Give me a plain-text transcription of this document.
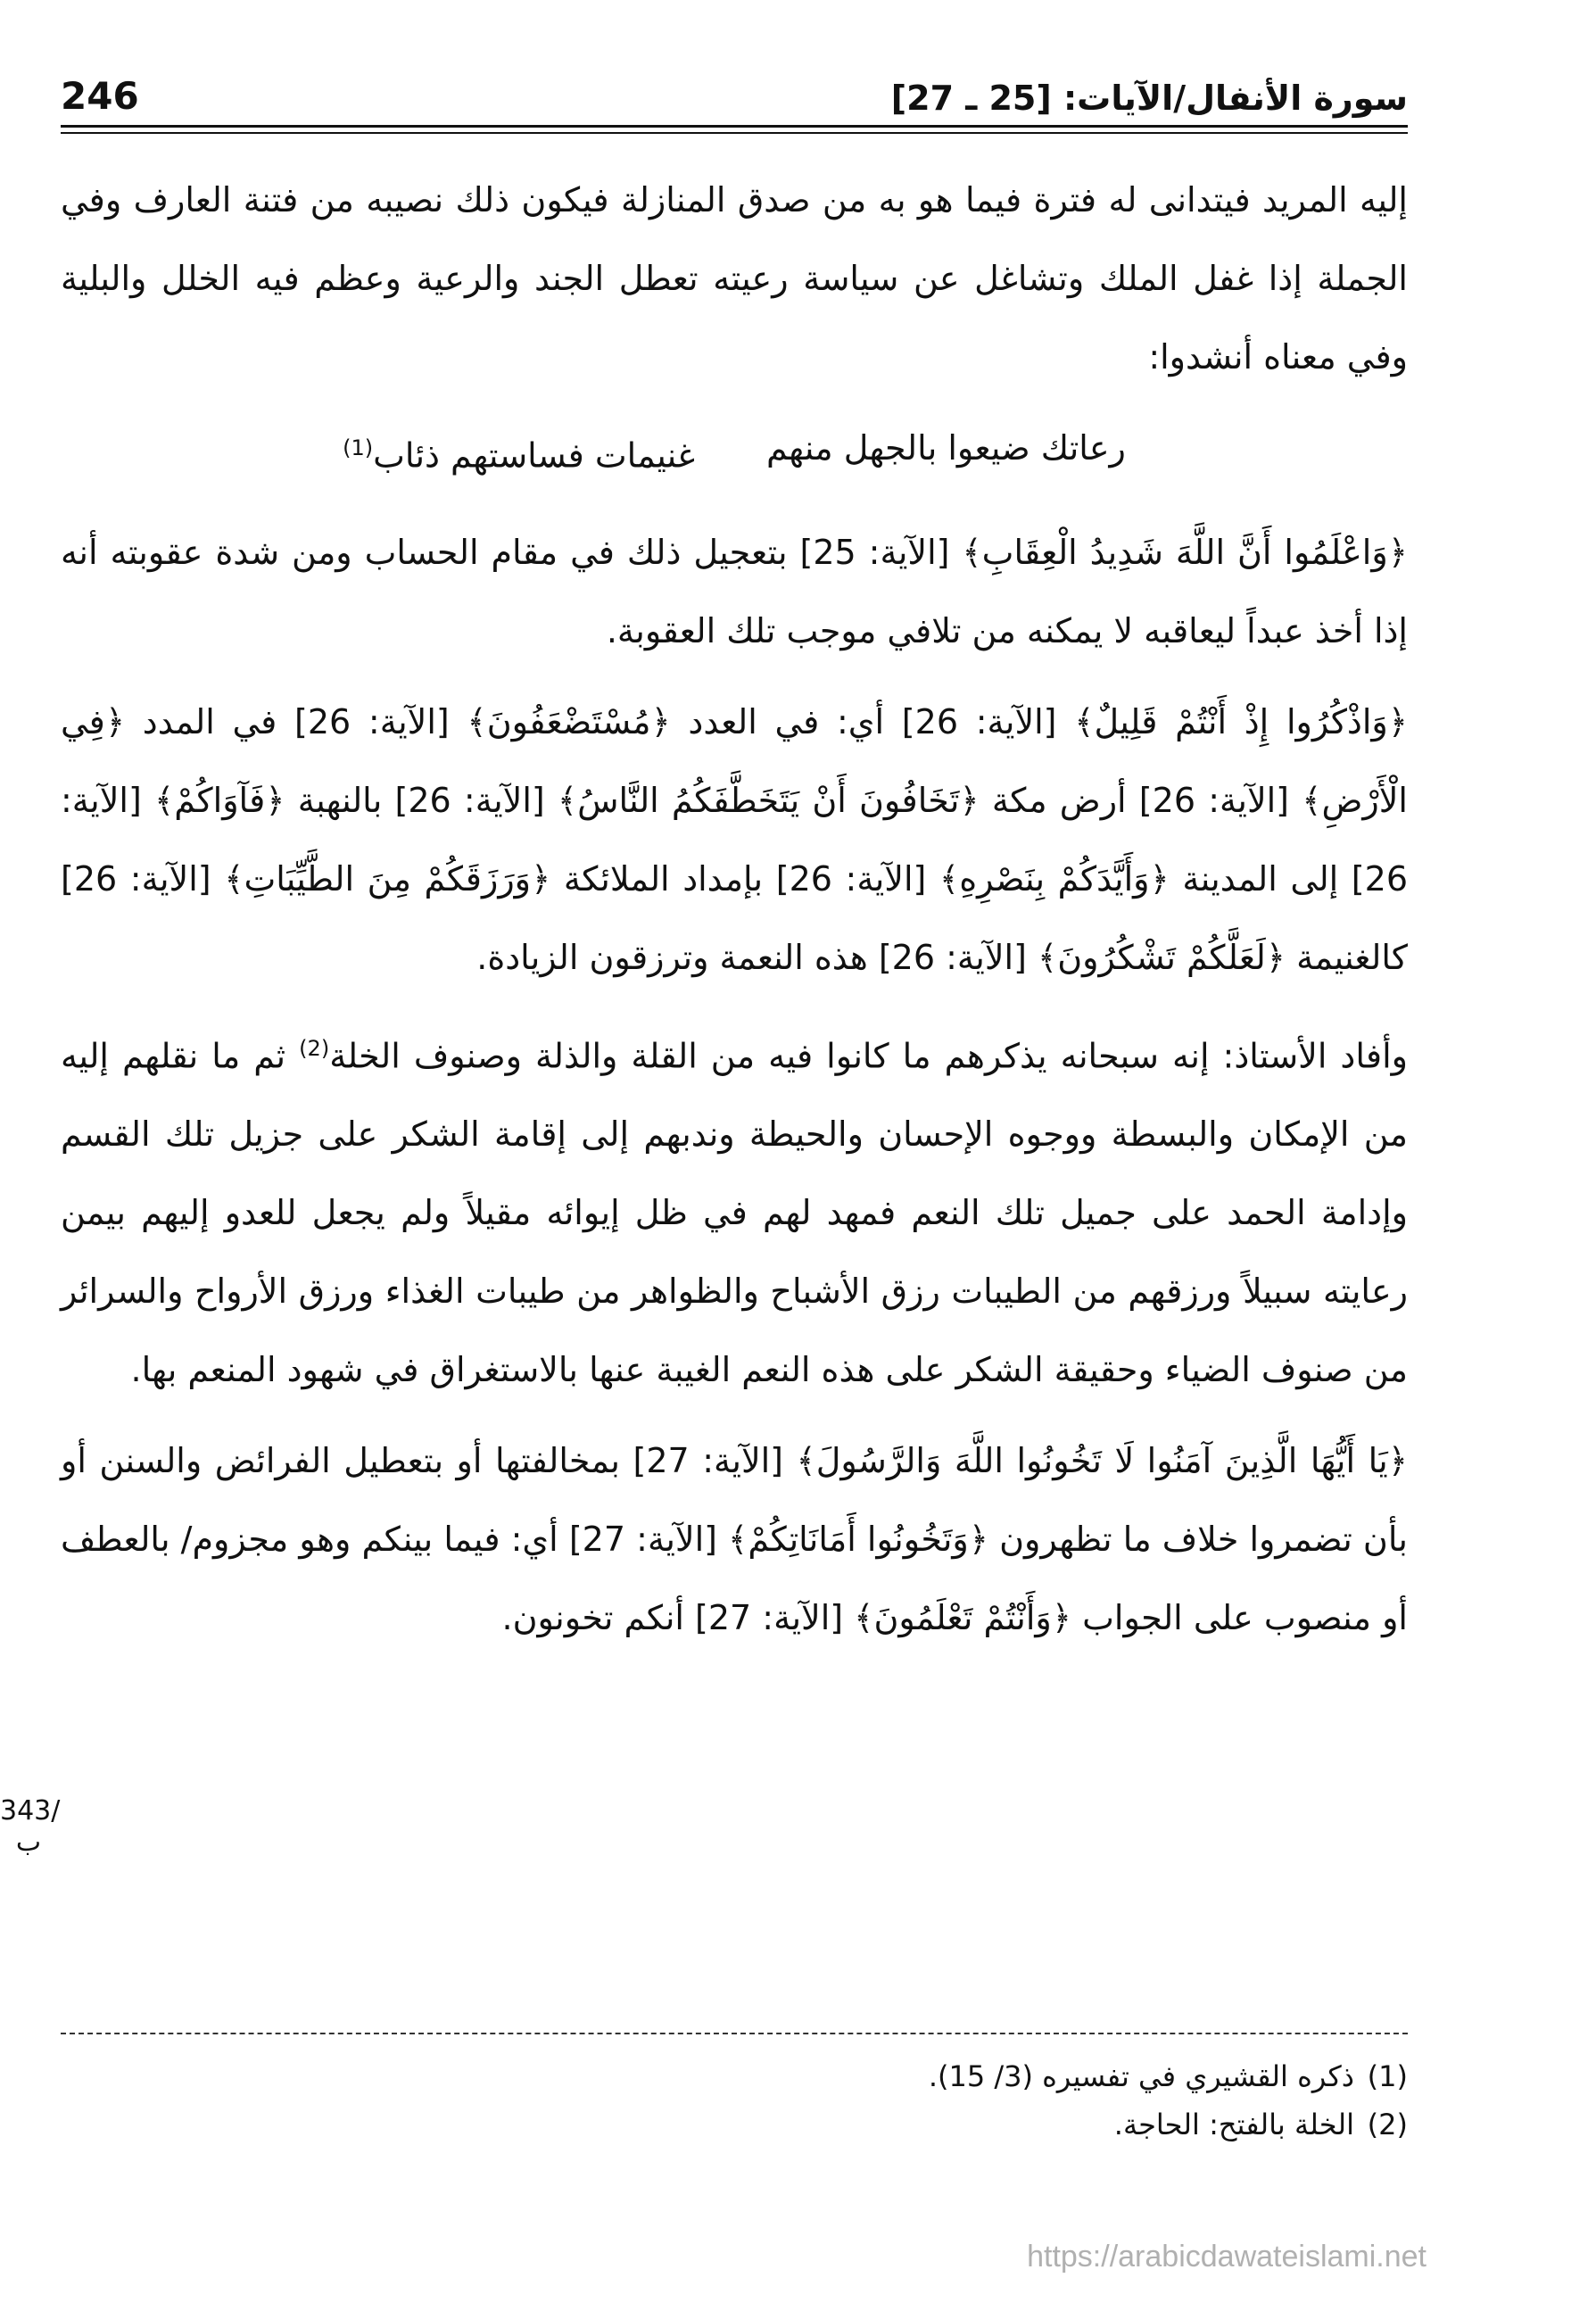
246	سورة الأنفال/الآيات: [25 ـ 27]

إليه المريد فيتدانى له فترة فيما هو به من صدق المنازلة فيكون ذلك نصيبه من فتنة العارف وفي الجملة إذا غفل الملك وتشاغل عن سياسة رعيته تعطل الجند والرعية وعظم فيه الخلل والبلية وفي معناه أنشدوا:

رعاتك ضيعوا بالجهل منهم
غنيمات فساستهم ذئاب$^{(1)}$

﴿وَاعْلَمُوا أَنَّ اللَّهَ شَدِيدُ الْعِقَابِ﴾ [الآية: 25] بتعجيل ذلك في مقام الحساب ومن شدة عقوبته أنه إذا أخذ عبداً ليعاقبه لا يمكنه من تلافي موجب تلك العقوبة.

﴿وَاذْكُرُوا إِذْ أَنْتُمْ قَلِيلٌ﴾ [الآية: 26] أي: في العدد ﴿مُسْتَضْعَفُونَ﴾ [الآية: 26] في المدد ﴿فِي الْأَرْضِ﴾ [الآية: 26] أرض مكة ﴿تَخَافُونَ أَنْ يَتَخَطَّفَكُمُ النَّاسُ﴾ [الآية: 26] بالنهبة ﴿فَآوَاكُمْ﴾ [الآية: 26] إلى المدينة ﴿وَأَيَّدَكُمْ بِنَصْرِهِ﴾ [الآية: 26] بإمداد الملائكة ﴿وَرَزَقَكُمْ مِنَ الطَّيِّبَاتِ﴾ [الآية: 26] كالغنيمة ﴿لَعَلَّكُمْ تَشْكُرُونَ﴾ [الآية: 26] هذه النعمة وترزقون الزيادة.

وأفاد الأستاذ: إنه سبحانه يذكرهم ما كانوا فيه من القلة والذلة وصنوف الخلة$^{(2)}$ ثم ما نقلهم إليه من الإمكان والبسطة ووجوه الإحسان والحيطة وندبهم إلى إقامة الشكر على جزيل تلك القسم وإدامة الحمد على جميل تلك النعم فمهد لهم في ظل إيوائه مقيلاً ولم يجعل للعدو إليهم بيمن رعايته سبيلاً ورزقهم من الطيبات رزق الأشباح والظواهر من طيبات الغذاء ورزق الأرواح والسرائر من صنوف الضياء وحقيقة الشكر على هذه النعم الغيبة عنها بالاستغراق في شهود المنعم بها.

﴿يَا أَيُّهَا الَّذِينَ آمَنُوا لَا تَخُونُوا اللَّهَ وَالرَّسُولَ﴾ [الآية: 27] بمخالفتها أو بتعطيل الفرائض والسنن أو بأن تضمروا خلاف ما تظهرون ﴿وَتَخُونُوا أَمَانَاتِكُمْ﴾ [الآية: 27] أي: فيما بينكم وهو مجزوم/ بالعطف أو منصوب على الجواب ﴿وَأَنْتُمْ تَعْلَمُونَ﴾ [الآية: 27] أنكم تخونون.

343/ب
(1)ذكره القشيري في تفسيره (3/ 15).
(2)الخلة بالفتح: الحاجة.
https://arabicdawateislami.net
